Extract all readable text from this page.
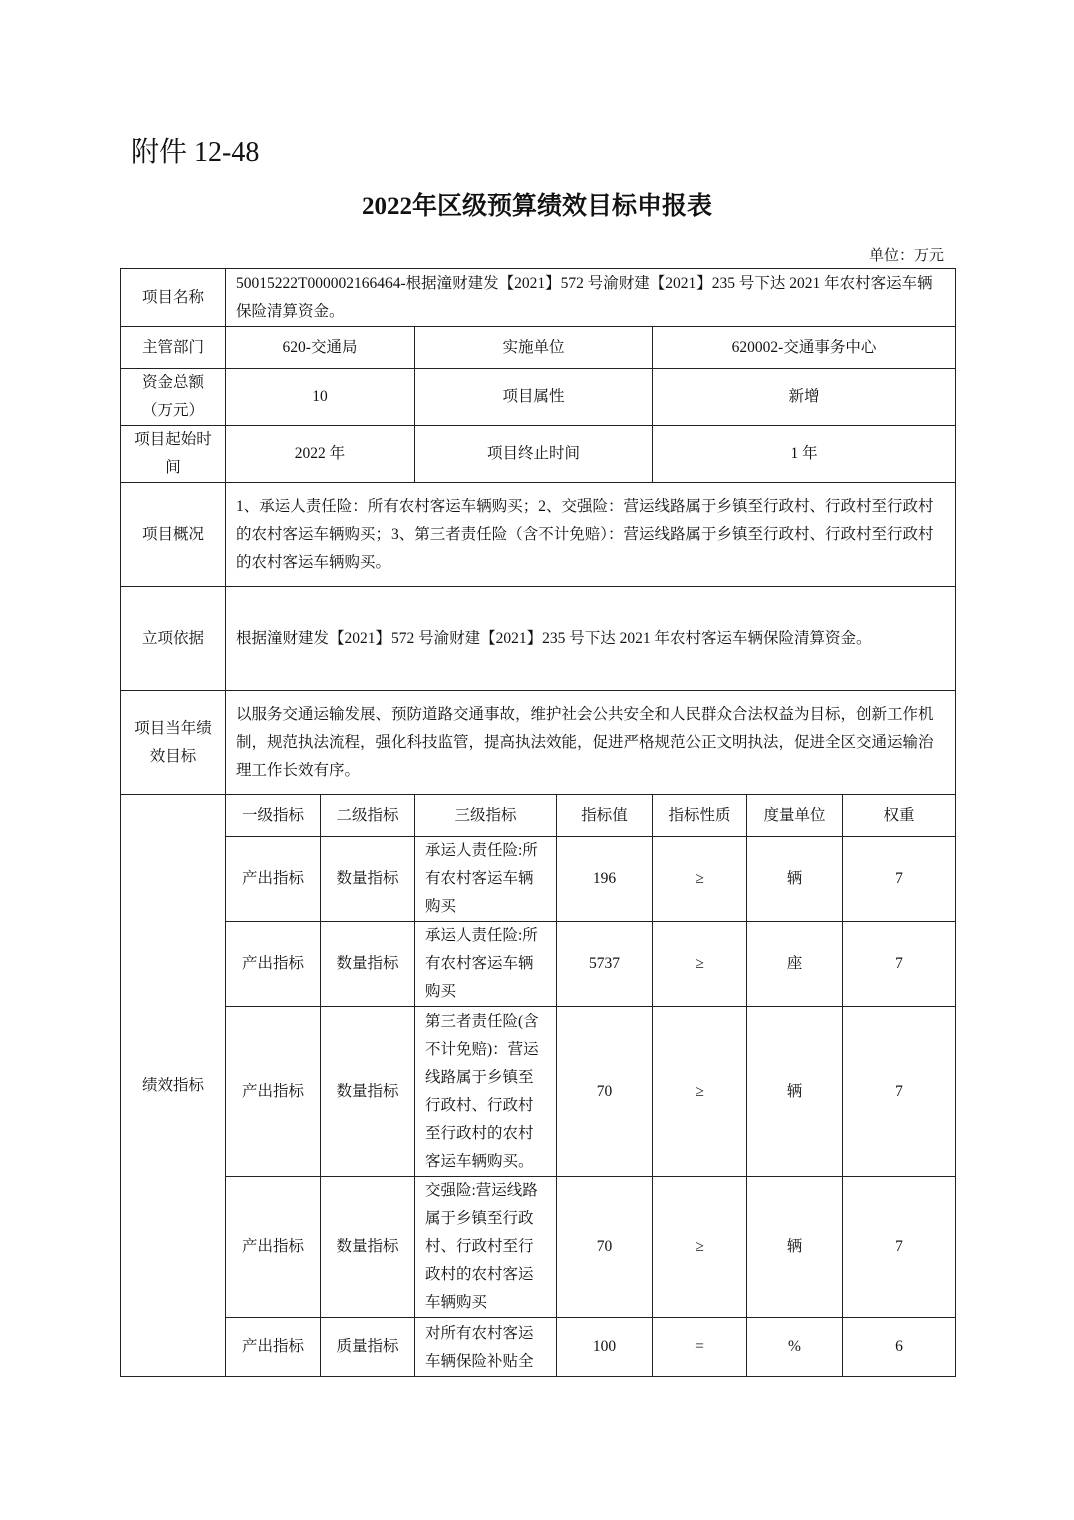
附件 12-48
2022年区级预算绩效目标申报表
单位：万元
项目名称	50015222T000002166464-根据潼财建发【2021】572 号渝财建【2021】235 号下达 2021 年农村客运车辆保险清算资金。						
主管部门	620-交通局		实施单位		620002-交通事务中心		
资金总额（万元）	10		项目属性		新增		
项目起始时间	2022 年		项目终止时间		1 年		
项目概况	1、承运人责任险：所有农村客运车辆购买；2、交强险：营运线路属于乡镇至行政村、行政村至行政村的农村客运车辆购买；3、第三者责任险（含不计免赔）：营运线路属于乡镇至行政村、行政村至行政村的农村客运车辆购买。						
立项依据	根据潼财建发【2021】572 号渝财建【2021】235 号下达 2021 年农村客运车辆保险清算资金。						
项目当年绩效目标	以服务交通运输发展、预防道路交通事故，维护社会公共安全和人民群众合法权益为目标，创新工作机制，规范执法流程，强化科技监管，提高执法效能，促进严格规范公正文明执法，促进全区交通运输治理工作长效有序。						
绩效指标	一级指标	二级指标	三级指标	指标值	指标性质	度量单位	权重
	产出指标	数量指标	承运人责任险:所有农村客运车辆购买	196	≥	辆	7
	产出指标	数量指标	承运人责任险:所有农村客运车辆购买	5737	≥	座	7
	产出指标	数量指标	第三者责任险(含不计免赔)：营运线路属于乡镇至行政村、行政村至行政村的农村客运车辆购买。	70	≥	辆	7
	产出指标	数量指标	交强险:营运线路属于乡镇至行政村、行政村至行政村的农村客运车辆购买	70	≥	辆	7
	产出指标	质量指标	对所有农村客运车辆保险补贴全	100	=	%	6
